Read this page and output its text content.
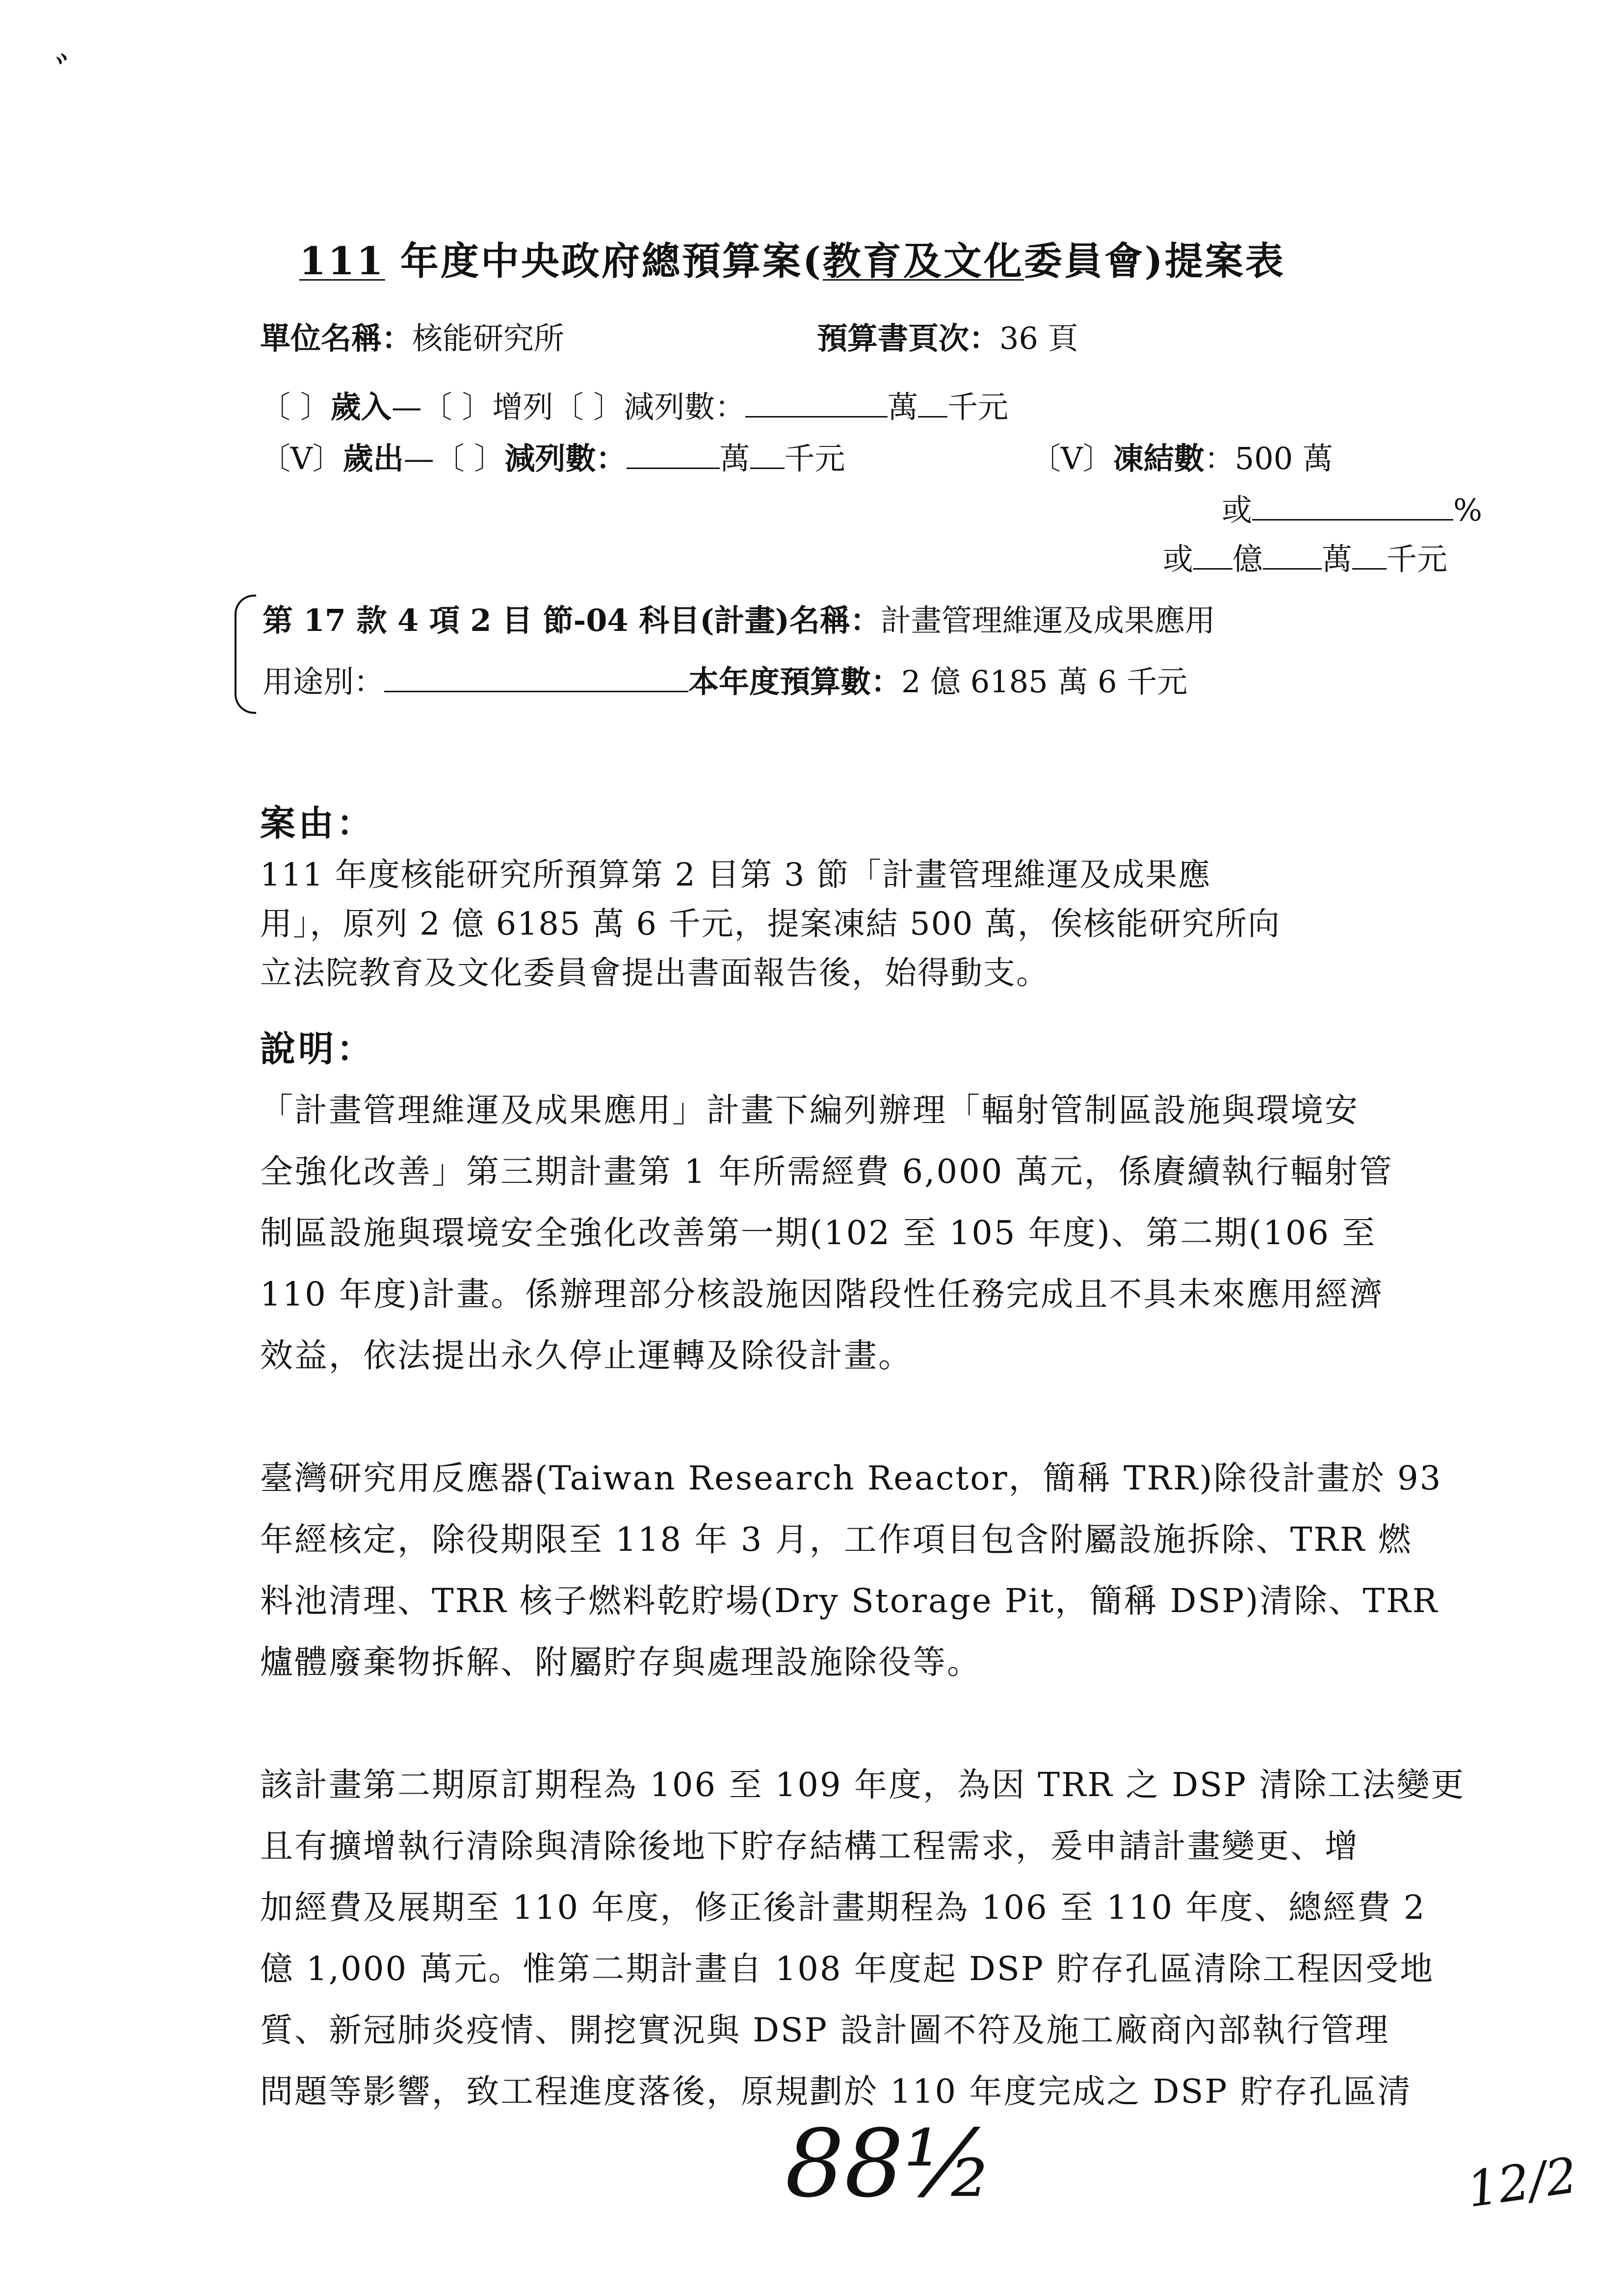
ﾞ
111 年度中央政府總預算案(教育及文化委員會)提案表
單位名稱：核能研究所	預算書頁次：36 頁
〔 〕歲入—〔 〕增列〔 〕減列數：	萬 千元
〔V〕歲出—〔 〕減列數：	萬 千元	〔V〕凍結數：500 萬
或	%
或 億 萬 千元
第 17 款 4 項 2 目 節-04 科目(計畫)名稱：計畫管理維運及成果應用
用途別：	本年度預算數：2 億 6185 萬 6 千元
案由：
111 年度核能研究所預算第 2 目第 3 節「計畫管理維運及成果應
用」，原列 2 億 6185 萬 6 千元，提案凍結 500 萬，俟核能研究所向
立法院教育及文化委員會提出書面報告後，始得動支。
說明：
「計畫管理維運及成果應用」計畫下編列辦理「輻射管制區設施與環境安
全強化改善」第三期計畫第 1 年所需經費 6,000 萬元，係賡續執行輻射管
制區設施與環境安全強化改善第一期(102 至 105 年度)、第二期(106 至
110 年度)計畫。係辦理部分核設施因階段性任務完成且不具未來應用經濟
效益，依法提出永久停止運轉及除役計畫。
臺灣研究用反應器(Taiwan Research Reactor，簡稱 TRR)除役計畫於 93
年經核定，除役期限至 118 年 3 月，工作項目包含附屬設施拆除、TRR 燃
料池清理、TRR 核子燃料乾貯場(Dry Storage Pit，簡稱 DSP)清除、TRR
爐體廢棄物拆解、附屬貯存與處理設施除役等。
該計畫第二期原訂期程為 106 至 109 年度，為因 TRR 之 DSP 清除工法變更
且有擴增執行清除與清除後地下貯存結構工程需求，爰申請計畫變更、增
加經費及展期至 110 年度，修正後計畫期程為 106 至 110 年度、總經費 2
億 1,000 萬元。惟第二期計畫自 108 年度起 DSP 貯存孔區清除工程因受地
質、新冠肺炎疫情、開挖實況與 DSP 設計圖不符及施工廠商內部執行管理
問題等影響，致工程進度落後，原規劃於 110 年度完成之 DSP 貯存孔區清
88½	12/2
